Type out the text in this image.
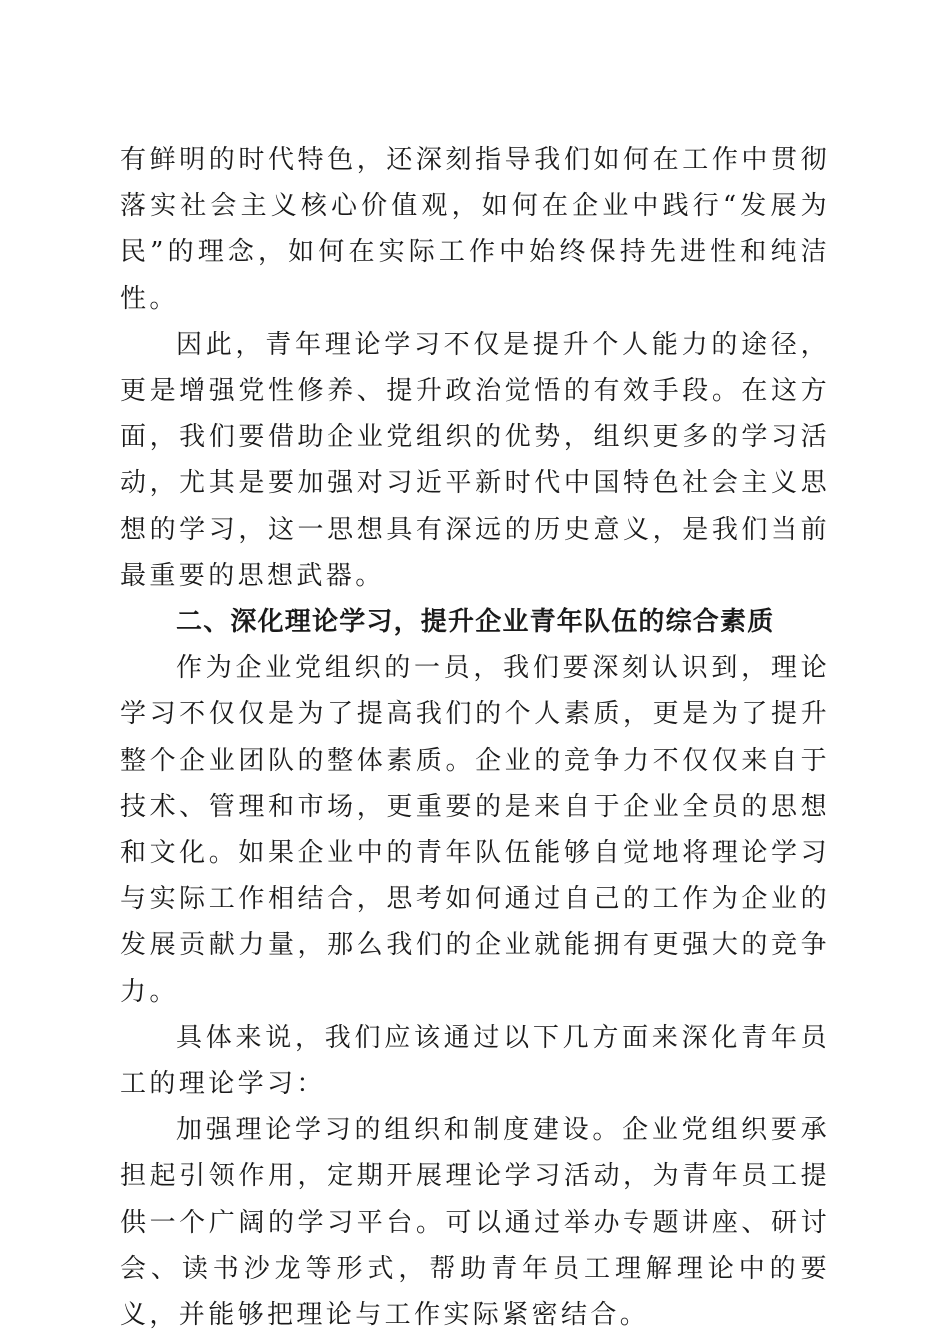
有鲜明的时代特色，还深刻指导我们如何在工作中贯彻落实社会主义核心价值观，如何在企业中践行“发展为民”的理念，如何在实际工作中始终保持先进性和纯洁性。

因此，青年理论学习不仅是提升个人能力的途径，更是增强党性修养、提升政治觉悟的有效手段。在这方面，我们要借助企业党组织的优势，组织更多的学习活动，尤其是要加强对习近平新时代中国特色社会主义思想的学习，这一思想具有深远的历史意义，是我们当前最重要的思想武器。

二、深化理论学习，提升企业青年队伍的综合素质

作为企业党组织的一员，我们要深刻认识到，理论学习不仅仅是为了提高我们的个人素质，更是为了提升整个企业团队的整体素质。企业的竞争力不仅仅来自于技术、管理和市场，更重要的是来自于企业全员的思想和文化。如果企业中的青年队伍能够自觉地将理论学习与实际工作相结合，思考如何通过自己的工作为企业的发展贡献力量，那么我们的企业就能拥有更强大的竞争力。

具体来说，我们应该通过以下几方面来深化青年员工的理论学习：

加强理论学习的组织和制度建设。企业党组织要承担起引领作用，定期开展理论学习活动，为青年员工提供一个广阔的学习平台。可以通过举办专题讲座、研讨会、读书沙龙等形式，帮助青年员工理解理论中的要义，并能够把理论与工作实际紧密结合。
